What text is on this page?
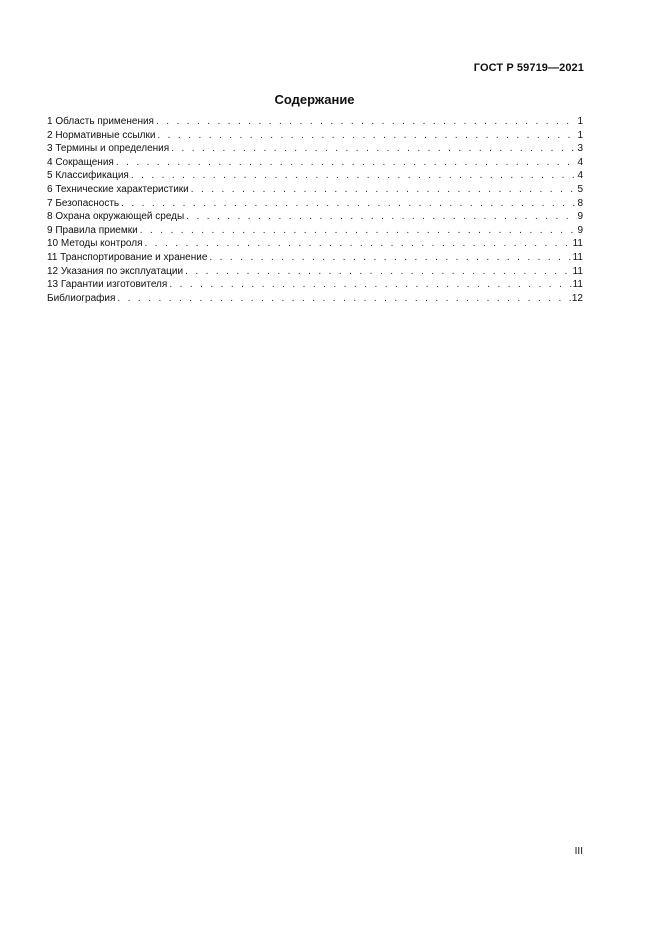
ГОСТ Р 59719—2021
Содержание
1 Область применения . . .	1
2 Нормативные ссылки . . .	1
3 Термины и определения . . .	3
4 Сокращения . . .	4
5 Классификация . . .	4
6 Технические характеристики . . .	5
7 Безопасность . . .	8
8 Охрана окружающей среды . . .	9
9 Правила приемки . . .	9
10 Методы контроля . . .	11
11 Транспортирование и хранение . . .	11
12 Указания по эксплуатации . . .	11
13 Гарантии изготовителя . . .	11
Библиография . . .	12
III
